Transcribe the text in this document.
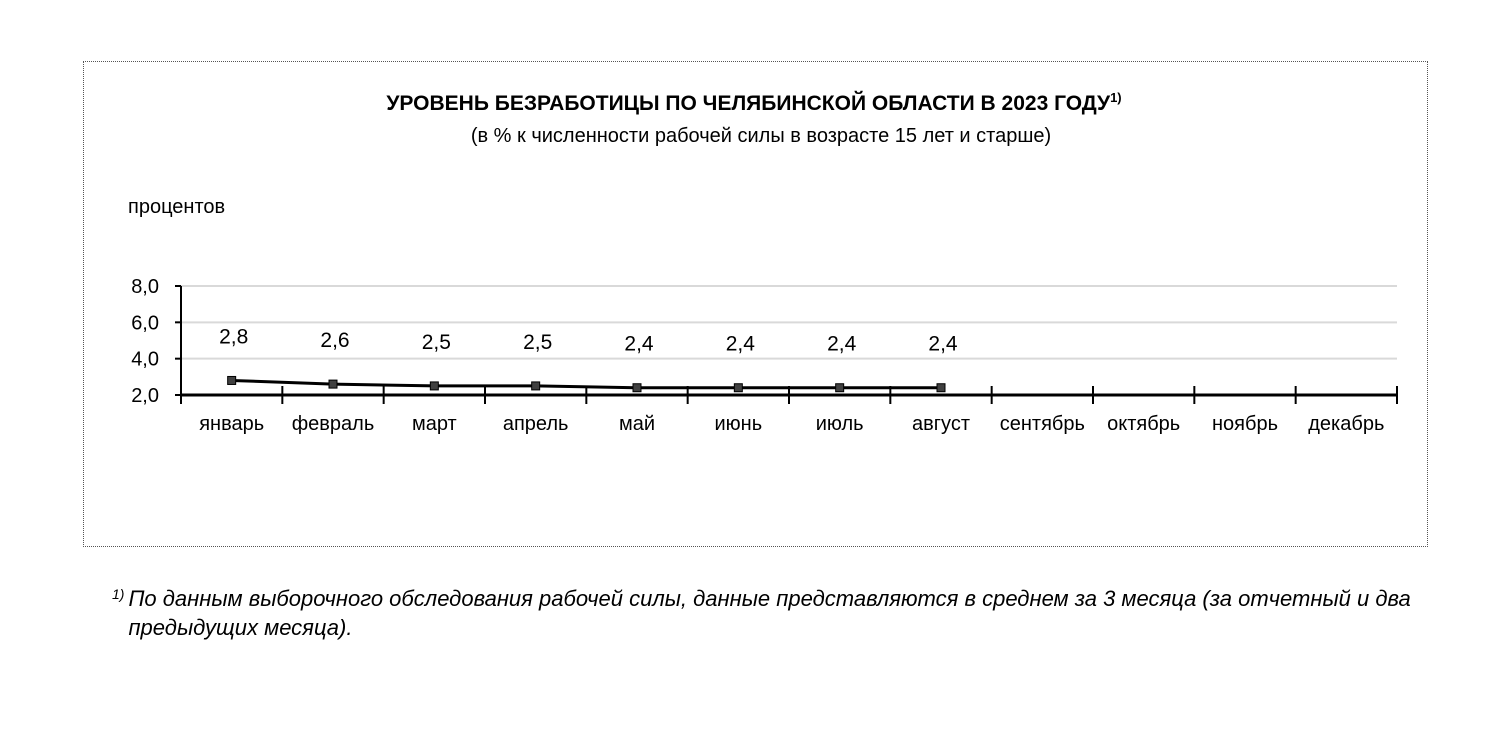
УРОВЕНЬ БЕЗРАБОТИЦЫ ПО ЧЕЛЯБИНСКОЙ ОБЛАСТИ В 2023 ГОДУ$^{1)}$
(в % к численности рабочей силы в возрасте 15 лет и старше)
процентов
2,0
4,0
6,0
8,0
январь февраль март апрель	май	июнь	июль август сентябрь октябрь ноябрь декабрь
2,8	2,6	2,5	2,5	2,4	2,4	2,4	2,4
$^{1)}$ По данным выборочного обследования рабочей силы, данные представляются в среднем за 3 месяца (за отчетный и два предыдущих месяца).
